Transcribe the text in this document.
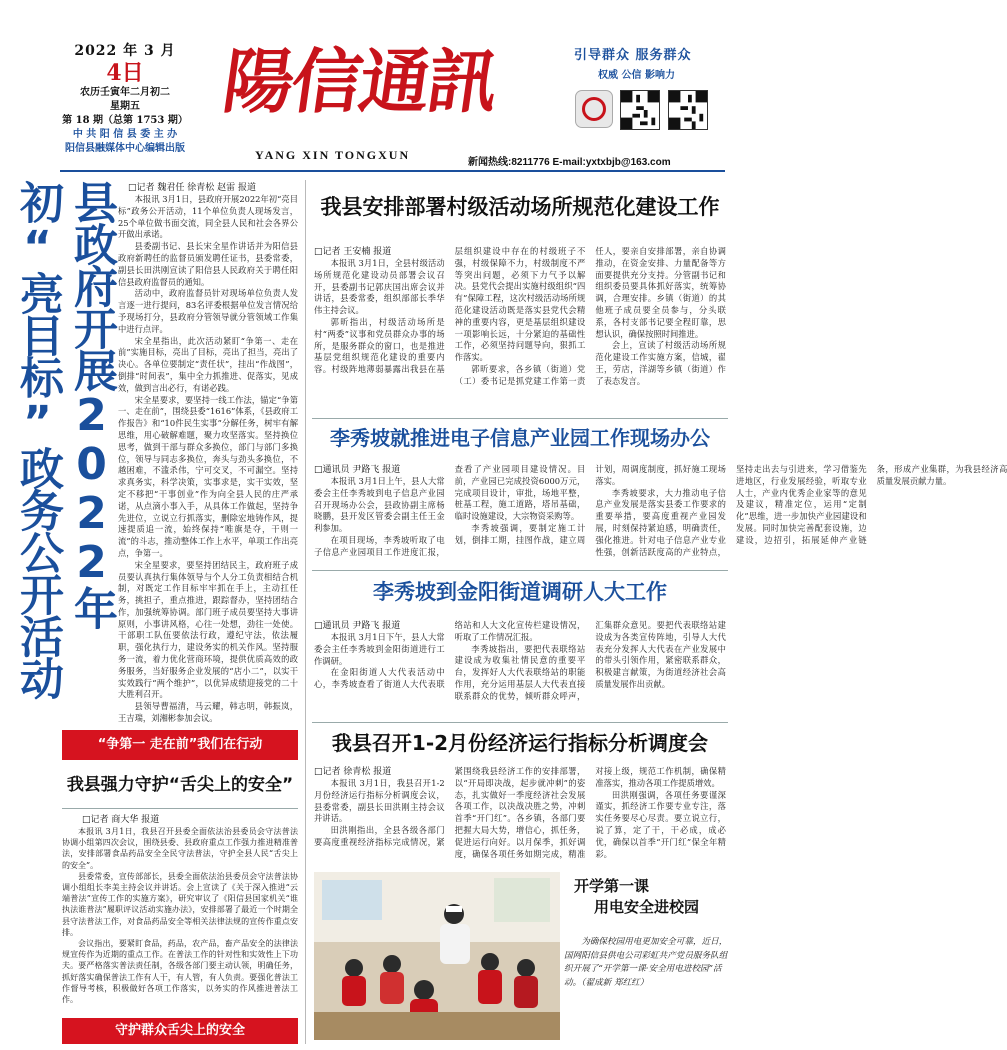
2022 年 3 月
4日
农历壬寅年二月初二
星期五
第 18 期（总第 1753 期）
中 共 阳 信 县 委 主 办
阳信县融媒体中心编辑出版
陽信通訊
YANG XIN TONGXUN
引导群众 服务群众
权威 公信 影响力
新闻热线:8211776 E-mail:yxtxbjb@163.com
县政府开展2022年初“亮目标”政务公开活动	□记者 魏君任 徐青松 赵雷 报道

本报讯 3月1日，县政府开展2022年初“亮目标”政务公开活动，11个单位负责人现场发言，25个单位做书面交流，同全县人民和社会各界公开做出承诺。

县委副书记、县长宋全星作讲话并为阳信县政府新聘任的监督员颁发聘任证书，县委常委，副县长田洪刚宣读了阳信县人民政府关于聘任阳信县政府监督员的通知。

活动中，政府监督员针对现场单位负责人发言逐一进行提问，83名评委根据单位发言情况给予现场打分，县政府分管领导就分管领域工作集中进行点评。

宋全星指出，此次活动紧盯“争第一、走在前”实施目标，亮出了目标，亮出了担当，亮出了决心。各单位要制定“责任状”，挂出“作战图”，倒排“时间表”，集中全力抓推进、促落实，见成效，做到言出必行，有诺必践。

宋全星要求，要坚持一线工作法，锚定“争第一、走在前”，围绕县委“1616”体系，《县政府工作报告》和“10件民生实事”分解任务，树牢有解思维，用心破解难题，聚力攻坚落实。坚持换位思考，做到干部与群众多换位，部门与部门多换位，领导与同志多换位，奔头与劲头多换位，不越困难，不滥杀伟，宁可交叉，不可漏空。坚持求真务实，科学决策，实事求是，实干实效，坚定不移把“干事创业”作为向全县人民的庄严承诺，从点滴小事入手，从具体工作做起，坚持争先进位，立说立行抓落实，删除宏地铸作风，提速提质追一流，始终保持“唯旗是夺，干则一流”的斗志，推动整体工作上水平，单项工作出亮点，争第一。

宋全星要求，要坚持团结民主，政府班子成员要认真执行集体领导与个人分工负责相结合机制，对既定工作目标牢牢抓在手上，主动扛任务，挑担子，重点推进，跟踪督办，坚持团结合作，加强统筹协调。部门班子成员要坚持大事讲原则，小事讲风格，心往一处想，劲往一处使。干部职工队伍要依法行政，遵纪守法，依法履职，强化执行力，建设务实的机关作风。坚持服务一流，着力优化营商环境，提供优质高效的政务服务，当好服务企业发展的“店小二”，以实干实效践行“两个维护”，以优异成绩迎接党的二十大胜利召开。

县领导曹福清，马云耀，韩志明，韩振岚，王吉瑞，刘湘彬参加会议。

“争第一 走在前”我们在行动
我县强力守护“舌尖上的安全”
□记者 商大华 报道

本报讯 3月1日，我县召开县委全面依法治县委员会守法普法协调小组第四次会议，围绕县委、县政府重点工作强力推进精准普法，安排部署食品药品安全全民守法普法，守护全县人民“舌尖上的安全”。

县委常委，宣传部部长，县委全面依法治县委员会守法普法协调小组组长李美主持会议并讲话。会上宣读了《关于深入推进“云端普法”宣传工作的实施方案》，研究审议了《阳信县国家机关“谁执法谁普法”履职评议活动实施办法》，安排部署了最近一个时期全县守法普法工作，对食品药品安全等相关法律法规的宣传作重点安排。

会议指出，要紧盯食品，药品，农产品，畜产品安全的法律法规宣传作为近期的重点工作。在普法工作的针对性和实效性上下功夫。要严格落实普法责任制，各级各部门要主动认领，明确任务，抓好落实确保普法工作有人干，有人管，有人负责。要强化普法工作督导考核，积极做好各项工作落实，以务实的作风推进普法工作。

守护群众舌尖上的安全
我县安排部署村级活动场所规范化建设工作
□记者 王安楠 报道

本报讯 3月1日，全县村级活动场所规范化建设动员部署会议召开，县委副书记郭庆国出席会议并讲话，县委常委，组织部部长季华伟主持会议。

郭昕指出，村级活动场所是村“两委”议事和党员群众办事的场所，是服务群众的窗口，也是推进基层党组织规范化建设的重要内容。村级阵地薄弱暴露出我县在基层组织建设中存在的村级班子不强，村级保障不力，村级制度不严等突出问题，必须下力气予以解决。县党代会提出实施村级组织“四有”保障工程，这次村级活动场所规范化建设活动既是落实县党代会精神的重要内容，更是基层组织建设一项影响长远，十分紧迫的基础性工作，必须坚持问题导向，狠抓工作落实。

郭昕要求，各乡镇（街道）党（工）委书记是抓党建工作第一责任人，要亲自安排部署，亲自协调推动，在资金安排、力量配备等方面要提供充分支持。分管副书记和组织委员要具体抓好落实，统筹协调，合理安排。乡镇（街道）的其他班子成员要全员参与，分头联系，各村支部书记要全程盯靠，思想认识，确保按照时间推进。

会上，宣读了村级活动场所规范化建设工作实施方案，信城，翟王，劳店，洋湖等乡镇（街道）作了表态发言。

李秀坡就推进电子信息产业园工作现场办公
□通讯员 尹路飞 报道

本报讯 3月1日上午，县人大常委会主任李秀坡到电子信息产业园召开现场办公会，县政协副主席杨晓鹏，县开发区管委会副主任王金利参加。

在项目现场，李秀坡听取了电子信息产业园项目工作进度汇报，查看了产业园项目建设情况。目前，产业园已完成投资6000万元，完成项目设计，审批，场地平整，桩基工程，施工道路，塔吊基础，临时设施建设，大宗物资采购等。

李秀坡强调，要制定施工计划，倒排工期，挂图作战，建立周计划，周调度制度，抓好施工现场落实。

李秀坡要求，大力推动电子信息产业发展是落实县委工作要求的重要举措，要高度重视产业园发展，时刻保持紧迫感，明确责任，强化推进。针对电子信息产业专业性强，创新活跃度高的产业特点，坚持走出去与引进来，学习借鉴先进地区，行业发展经验，听取专业人士，产业内优秀企业家等的意见及建议，精准定位，运用“定制化”思维，进一步加快产业园建设和发展。同时加快完善配套设施，边建设，边招引，拓展延伸产业链条，形成产业集群，为我县经济高质量发展贡献力量。

李秀坡到金阳街道调研人大工作
□通讯员 尹路飞 报道

本报讯 3月1日下午，县人大常委会主任李秀坡到金阳街道进行工作调研。

在金阳街道人大代表活动中心，李秀坡查看了街道人大代表联络站和人大文化宣传栏建设情况，听取了工作情况汇报。

李秀坡指出，要把代表联络站建设成为收集社情民意的重要平台，发挥好人大代表联络站的职能作用，充分运用基层人大代表直接联系群众的优势，倾听群众呼声，汇集群众意见。要把代表联络站建设成为各类宣传阵地，引导人大代表充分发挥人大代表在产业发展中的带头引领作用，紧密联系群众，积极建言献策，为街道经济社会高质量发展作出贡献。

我县召开1-2月份经济运行指标分析调度会
□记者 徐青松 报道

本报讯 3月1日，我县召开1-2月份经济运行指标分析调度会议，县委常委，副县长田洪刚主持会议并讲话。

田洪刚指出，全县各级各部门要高度重视经济指标完成情况，紧紧围绕我县经济工作的安排部署，以“开局即决战，起步就冲刺”的姿态，扎实做好一季度经济社会发展各项工作，以决战决胜之势，冲刺首季“开门红”。各乡镇，各部门要把握大局大势，增信心，抓任务，促进运行向好。以月保季，抓好调度，确保各项任务如期完成，精准对接上级，规范工作机制，确保精准落实，推动各项工作提质增效。

田洪刚强调，各项任务要谨深谨实，抓经济工作要专业专注，落实任务要尽心尽责。要立说立行，说了算，定了干，干必成，成必优，确保以首季“开门红”保全年精彩。

开学第一课
用电安全进校园
为确保校园用电更加安全可靠，近日，国网阳信县供电公司彩虹共产党员服务队组织开展了“开学第一课·安全用电进校园”活动。（翟成新 郑红红）
